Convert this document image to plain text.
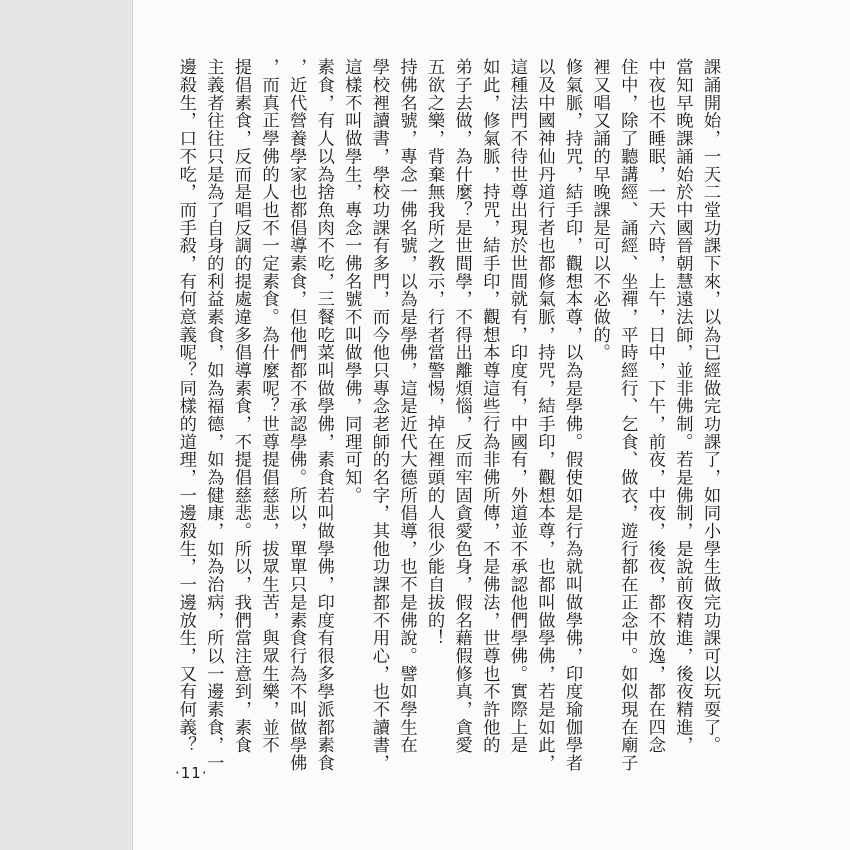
課誦開始，一天二堂功課下來，以為已經做完功課了，如同小學生做完功課可以玩耍了。

當知早晚課誦始於中國晉朝慧遠法師，並非佛制。若是佛制，是說前夜精進，後夜精進，

中夜也不睡眠，一天六時，上午，日中，下午，前夜，中夜，後夜，都不放逸，都在四念

住中，除了聽講經、誦經、坐禪，平時經行、乞食、做衣，遊行都在正念中。如似現在廟子

裡又唱又誦的早晚課是可以不必做的。

修氣脈，持咒，結手印，觀想本尊，以為是學佛。假使如是行為就叫做學佛，印度瑜伽學者

以及中國神仙丹道行者也都修氣脈，持咒，結手印，觀想本尊，也都叫做學佛，若是如此，

這種法門不待世尊出現於世間就有，印度有，中國有，外道並不承認他們學佛。實際上是

如此，修氣脈，持咒，結手印，觀想本尊這些行為非佛所傳，不是佛法，世尊也不許他的

弟子去做，為什麼？是世間學，不得出離煩惱，反而牢固貪愛色身，假名藉假修真，貪愛

五欲之樂，背棄無我所之教示，行者當警惕，掉在裡頭的人很少能自拔的！

持佛名號，專念一佛名號，以為是學佛，這是近代大德所倡導，也不是佛說。譬如學生在

學校裡讀書，學校功課有多門，而今他只專念老師的名字，其他功課都不用心，也不讀書，

這樣不叫做學生，專念一佛名號不叫做學佛，同理可知。

素食，有人以為捨魚肉不吃，三餐吃菜叫做學佛，素食若叫做學佛，印度有很多學派都素食

，近代營養學家也都倡導素食，但他們都不承認學佛。所以，單單只是素食行為不叫做學佛

，而真正學佛的人也不一定素食。為什麼呢？世尊提倡慈悲，拔眾生苦，與眾生樂，並不

提倡素食，反而是唱反調的提處違多倡導素食，不提倡慈悲。所以，我們當注意到，素食

主義者往往只是為了自身的利益素食，如為福德，如為健康，如為治病，所以一邊素食，一

邊殺生，口不吃，而手殺，有何意義呢？同樣的道理，一邊殺生，一邊放生，又有何義？

·11·
